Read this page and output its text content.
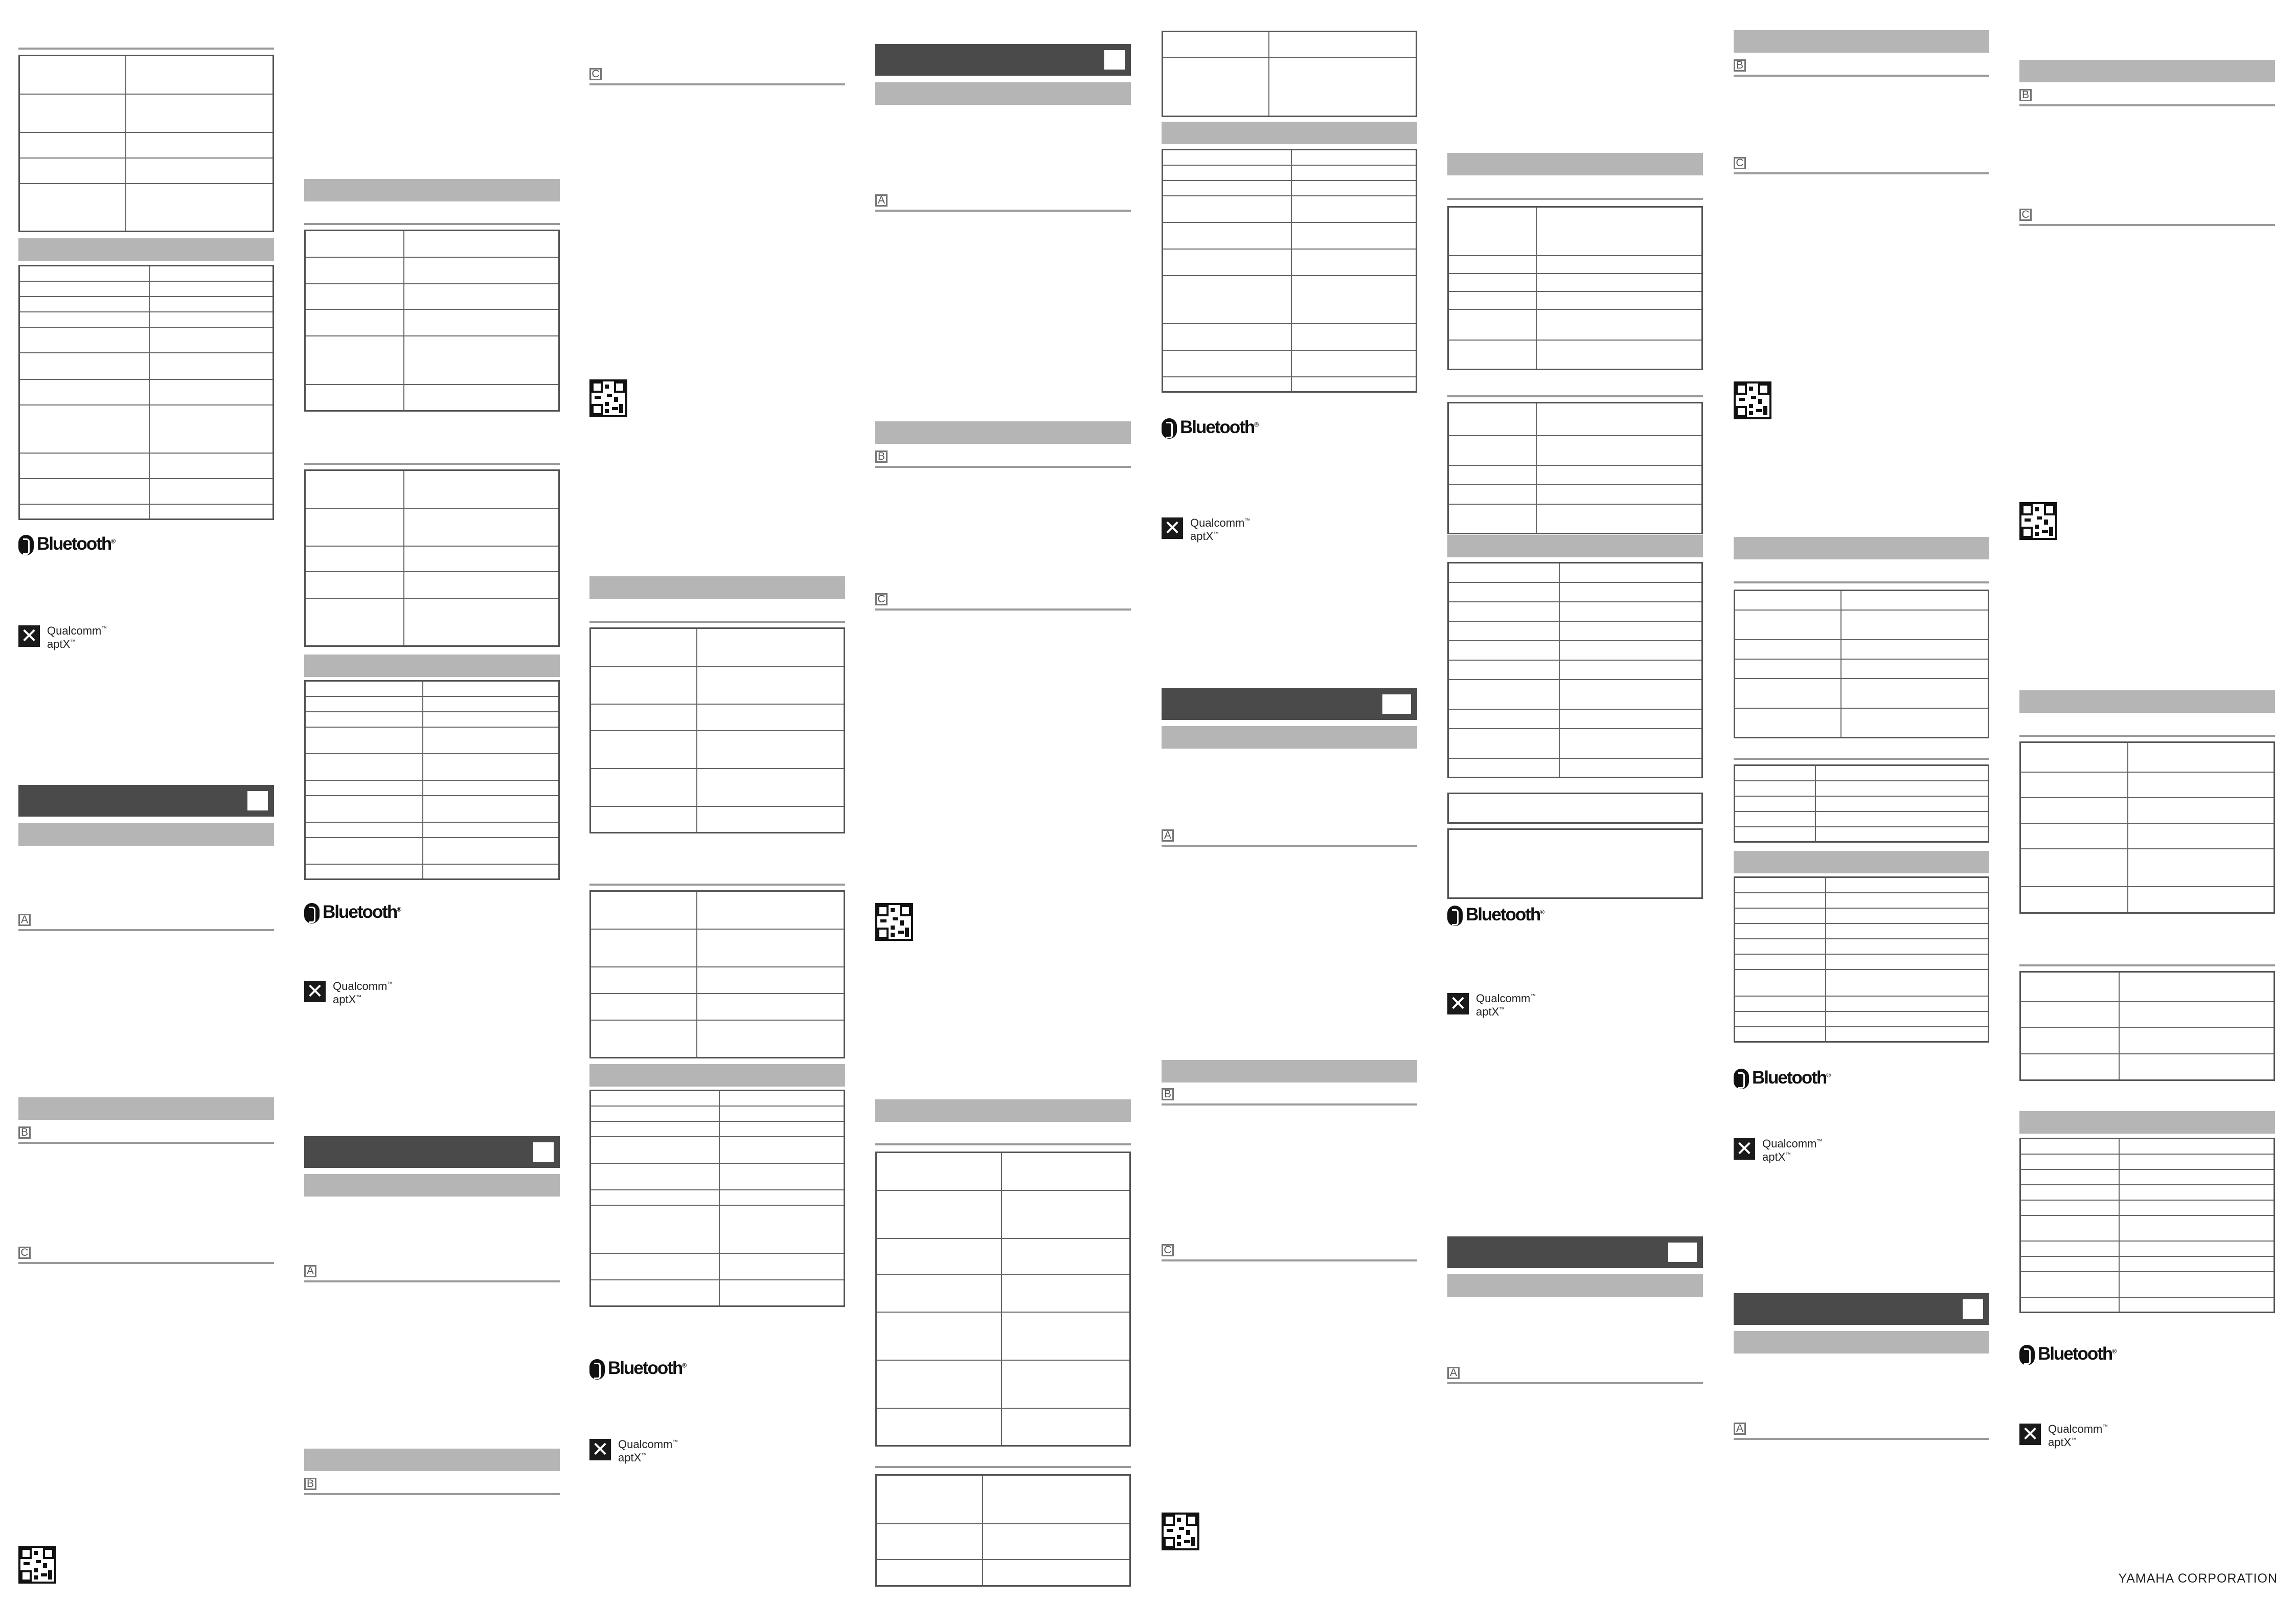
Bluetooth®
✕ Qualcomm™
aptX™
A
B
C

Bluetooth®
✕ Qualcomm™
aptX™
A
B
C

Bluetooth®
✕ Qualcomm™
aptX™
A
B
C

Bluetooth®
✕ Qualcomm™
aptX™
A
B
C

Bluetooth®
✕ Qualcomm™
aptX™
A
B
C

Bluetooth®
✕ Qualcomm™
aptX™
A
B
C

Bluetooth®
✕ Qualcomm™
aptX™
YAMAHA CORPORATION
